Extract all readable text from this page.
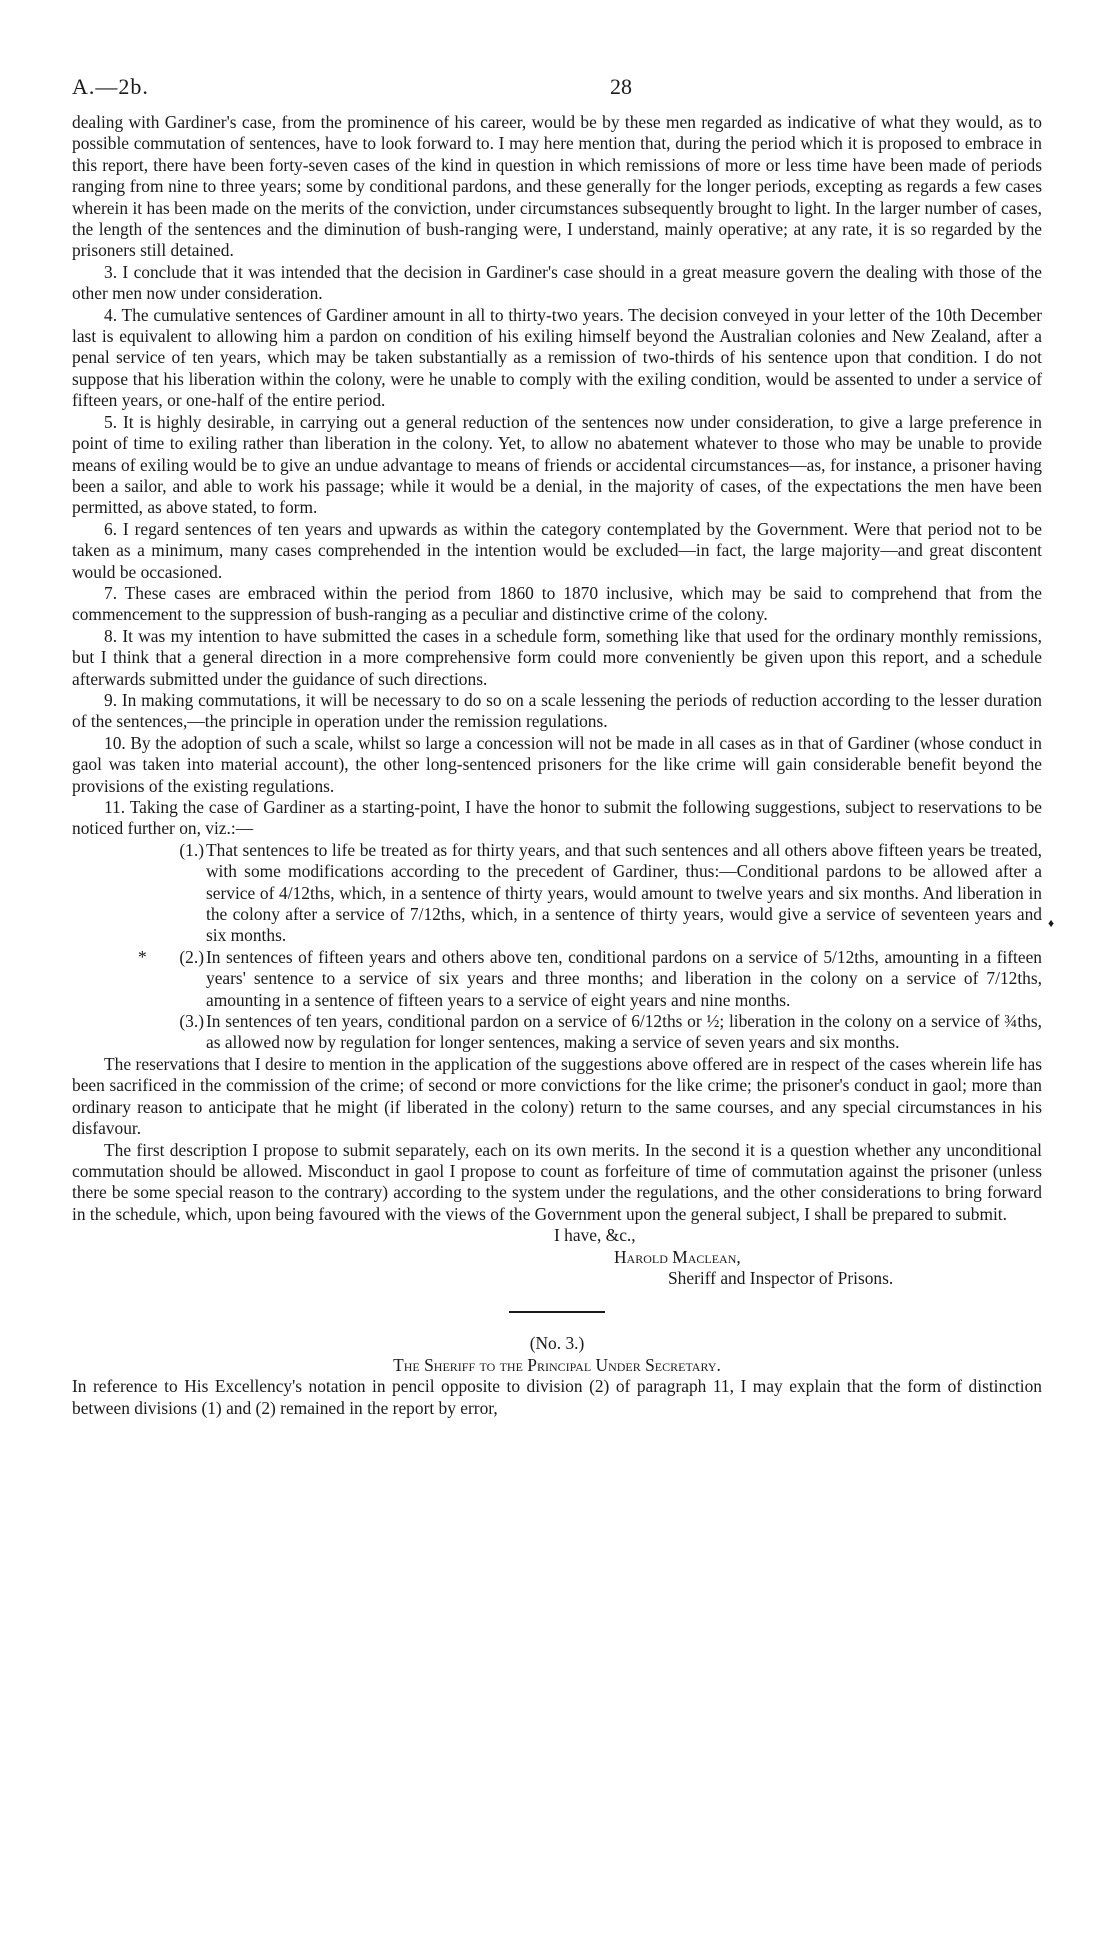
A.—2b.	28
♦

dealing with Gardiner's case, from the prominence of his career, would be by these men regarded as indicative of what they would, as to possible commutation of sentences, have to look forward to. I may here mention that, during the period which it is proposed to embrace in this report, there have been forty-seven cases of the kind in question in which remissions of more or less time have been made of periods ranging from nine to three years; some by conditional pardons, and these generally for the longer periods, excepting as regards a few cases wherein it has been made on the merits of the conviction, under circumstances subsequently brought to light. In the larger number of cases, the length of the sentences and the diminution of bush-ranging were, I understand, mainly operative; at any rate, it is so regarded by the prisoners still detained.

3. I conclude that it was intended that the decision in Gardiner's case should in a great measure govern the dealing with those of the other men now under consideration.

4. The cumulative sentences of Gardiner amount in all to thirty-two years. The decision conveyed in your letter of the 10th December last is equivalent to allowing him a pardon on condition of his exiling himself beyond the Australian colonies and New Zealand, after a penal service of ten years, which may be taken substantially as a remission of two-thirds of his sentence upon that condition. I do not suppose that his liberation within the colony, were he unable to comply with the exiling condition, would be assented to under a service of fifteen years, or one-half of the entire period.

5. It is highly desirable, in carrying out a general reduction of the sentences now under consideration, to give a large preference in point of time to exiling rather than liberation in the colony. Yet, to allow no abatement whatever to those who may be unable to provide means of exiling would be to give an undue advantage to means of friends or accidental circumstances—as, for instance, a prisoner having been a sailor, and able to work his passage; while it would be a denial, in the majority of cases, of the expectations the men have been permitted, as above stated, to form.

6. I regard sentences of ten years and upwards as within the category contemplated by the Government. Were that period not to be taken as a minimum, many cases comprehended in the intention would be excluded—in fact, the large majority—and great discontent would be occasioned.

7. These cases are embraced within the period from 1860 to 1870 inclusive, which may be said to comprehend that from the commencement to the suppression of bush-ranging as a peculiar and distinctive crime of the colony.

8. It was my intention to have submitted the cases in a schedule form, something like that used for the ordinary monthly remissions, but I think that a general direction in a more comprehensive form could more conveniently be given upon this report, and a schedule afterwards submitted under the guidance of such directions.

9. In making commutations, it will be necessary to do so on a scale lessening the periods of reduction according to the lesser duration of the sentences,—the principle in operation under the remission regulations.

10. By the adoption of such a scale, whilst so large a concession will not be made in all cases as in that of Gardiner (whose conduct in gaol was taken into material account), the other long-sentenced prisoners for the like crime will gain considerable benefit beyond the provisions of the existing regulations.

11. Taking the case of Gardiner as a starting-point, I have the honor to submit the following suggestions, subject to reservations to be noticed further on, viz.:—

(1.) That sentences to life be treated as for thirty years, and that such sentences and all others above fifteen years be treated, with some modifications according to the precedent of Gardiner, thus:—Conditional pardons to be allowed after a service of 4/12ths, which, in a sentence of thirty years, would amount to twelve years and six months. And liberation in the colony after a service of 7/12ths, which, in a sentence of thirty years, would give a service of seventeen years and six months.
*	(2.) In sentences of fifteen years and others above ten, conditional pardons on a service of 5/12ths, amounting in a fifteen years' sentence to a service of six years and three months; and liberation in the colony on a service of 7/12ths, amounting in a sentence of fifteen years to a service of eight years and nine months.
(3.) In sentences of ten years, conditional pardon on a service of 6/12ths or ½; liberation in the colony on a service of ¾ths, as allowed now by regulation for longer sentences, making a service of seven years and six months.

The reservations that I desire to mention in the application of the suggestions above offered are in respect of the cases wherein life has been sacrificed in the commission of the crime; of second or more convictions for the like crime; the prisoner's conduct in gaol; more than ordinary reason to anticipate that he might (if liberated in the colony) return to the same courses, and any special circumstances in his disfavour.

The first description I propose to submit separately, each on its own merits. In the second it is a question whether any unconditional commutation should be allowed. Misconduct in gaol I propose to count as forfeiture of time of commutation against the prisoner (unless there be some special reason to the contrary) according to the system under the regulations, and the other considerations to bring forward in the schedule, which, upon being favoured with the views of the Government upon the general subject, I shall be prepared to submit.

I have, &c.,

Harold Maclean,

Sheriff and Inspector of Prisons.

(No. 3.)

The Sheriff to the Principal Under Secretary.

In reference to His Excellency's notation in pencil opposite to division (2) of paragraph 11, I may explain that the form of distinction between divisions (1) and (2) remained in the report by error,
